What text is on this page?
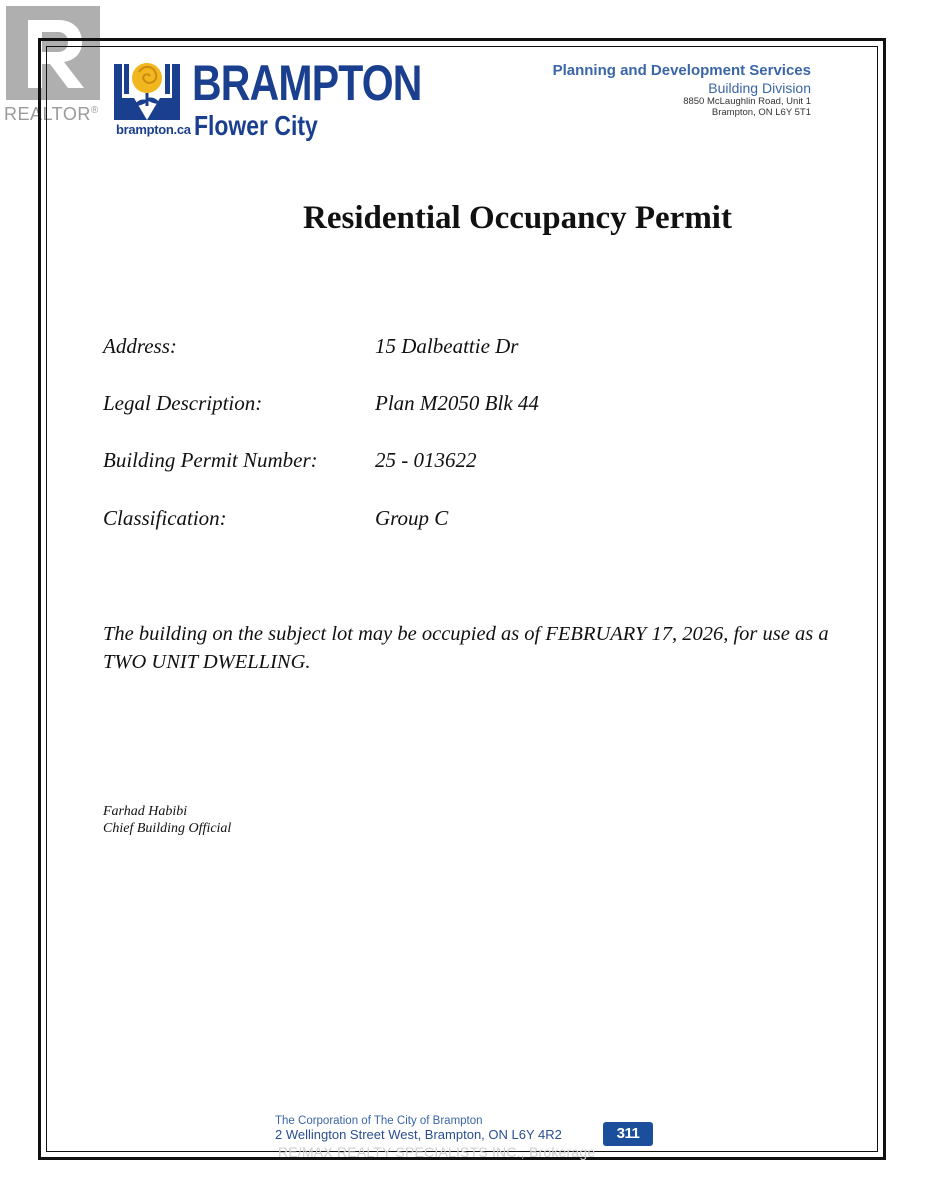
REALTOR®
brampton.ca
BRAMPTON
Flower City
Planning and Development Services
Building Division
8850 McLaughlin Road, Unit 1
Brampton, ON L6Y 5T1
Residential Occupancy Permit
Address:	15 Dalbeattie Dr
Legal Description:	Plan M2050 Blk 44
Building Permit Number:	25 - 013622
Classification:	Group C
The building on the subject lot may be occupied as of FEBRUARY 17, 2026, for use as a TWO UNIT DWELLING.
Farhad Habibi
Chief Building Official
The Corporation of The City of Brampton
2 Wellington Street West, Brampton, ON L6Y 4R2	311
RE/MAX REALTY SPECIALISTS INC., Brokerage
